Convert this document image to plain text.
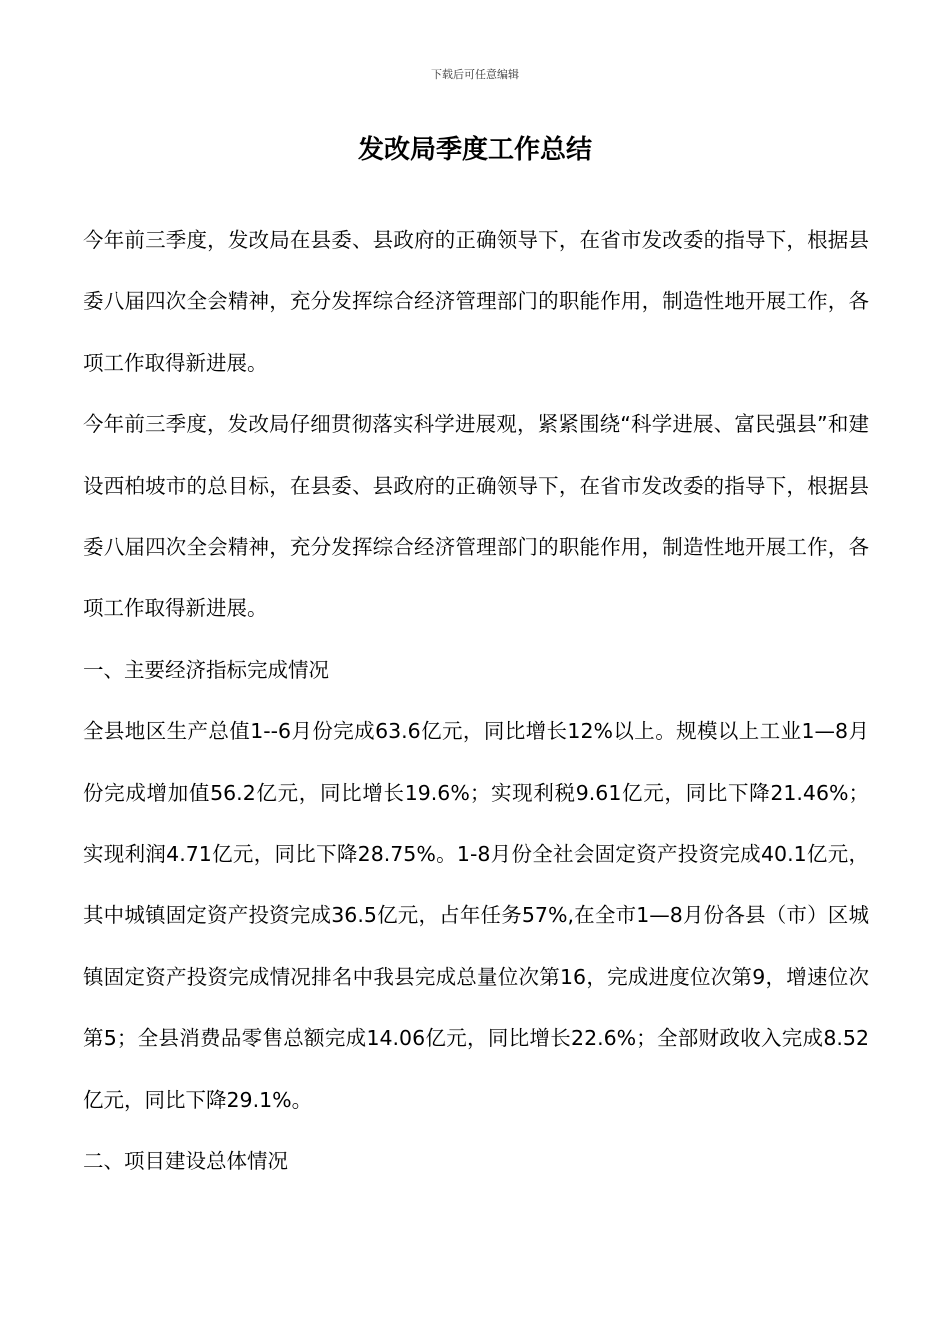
下载后可任意编辑
发改局季度工作总结

今年前三季度，发改局在县委、县政府的正确领导下，在省市发改委的指导下，根据县委八届四次全会精神，充分发挥综合经济管理部门的职能作用，制造性地开展工作，各项工作取得新进展。

今年前三季度，发改局仔细贯彻落实科学进展观，紧紧围绕“科学进展、富民强县”和建设西柏坡市的总目标，在县委、县政府的正确领导下，在省市发改委的指导下，根据县委八届四次全会精神，充分发挥综合经济管理部门的职能作用，制造性地开展工作，各项工作取得新进展。

一、主要经济指标完成情况

全县地区生产总值1--6月份完成63.6亿元，同比增长12%以上。规模以上工业1—8月份完成增加值56.2亿元，同比增长19.6%；实现利税9.61亿元，同比下降21.46%；实现利润4.71亿元，同比下降28.75%。1-8月份全社会固定资产投资完成40.1亿元，其中城镇固定资产投资完成36.5亿元，占年任务57%,在全市1—8月份各县（市）区城镇固定资产投资完成情况排名中我县完成总量位次第16，完成进度位次第9，增速位次第5；全县消费品零售总额完成14.06亿元，同比增长22.6%；全部财政收入完成8.52亿元，同比下降29.1%。

二、项目建设总体情况
